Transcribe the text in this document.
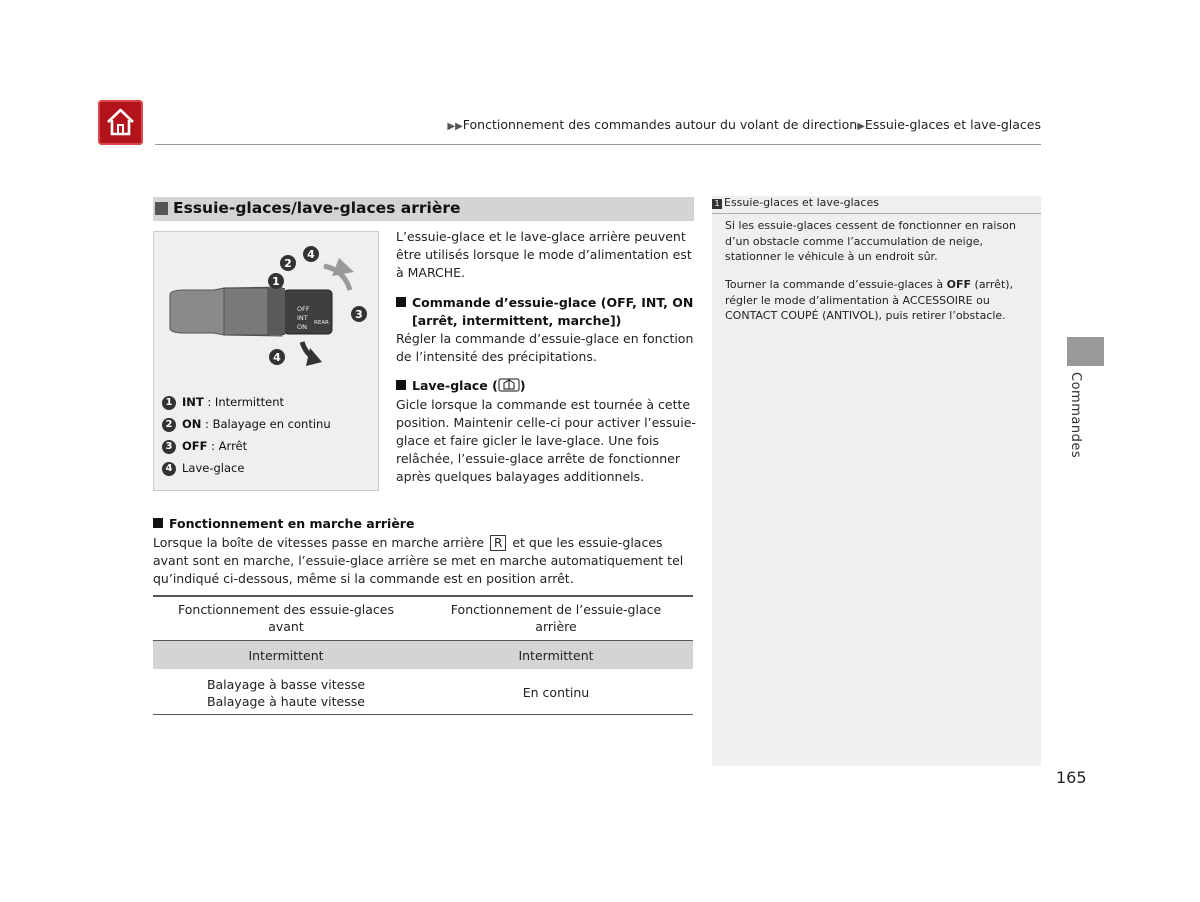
▶▶Fonctionnement des commandes autour du volant de direction▶Essuie-glaces et lave-glaces
Essuie-glaces/lave-glaces arrière
1
2
4
3
4
OFF
INT
ON REAR
1 INT : Intermittent
2 ON : Balayage en continu
3 OFF : Arrêt
4 Lave-glace
L’essuie-glace et le lave-glace arrière peuvent être utilisés lorsque le mode d’alimentation est à MARCHE.
Commande d’essuie-glace (OFF, INT, ON
[arrêt, intermittent, marche])
Régler la commande d’essuie-glace en fonction de l’intensité des précipitations.
Lave-glace ( )
Gicle lorsque la commande est tournée à cette position. Maintenir celle-ci pour activer l’essuie-glace et faire gicler le lave-glace. Une fois relâchée, l’essuie-glace arrête de fonctionner après quelques balayages additionnels.
Fonctionnement en marche arrière
Lorsque la boîte de vitesses passe en marche arrière R et que les essuie-glaces avant sont en marche, l’essuie-glace arrière se met en marche automatiquement tel qu’indiqué ci-dessous, même si la commande est en position arrêt.
Fonctionnement des essuie-glaces avant
Fonctionnement de l’essuie-glace arrière
Intermittent	Intermittent
Balayage à basse vitesse
Balayage à haute vitesse
En continu
1 Essuie-glaces et lave-glaces
Si les essuie-glaces cessent de fonctionner en raison d’un obstacle comme l’accumulation de neige, stationner le véhicule à un endroit sûr.
Tourner la commande d’essuie-glaces à OFF (arrêt), régler le mode d’alimentation à ACCESSOIRE ou CONTACT COUPÉ (ANTIVOL), puis retirer l’obstacle.
Commandes
165
